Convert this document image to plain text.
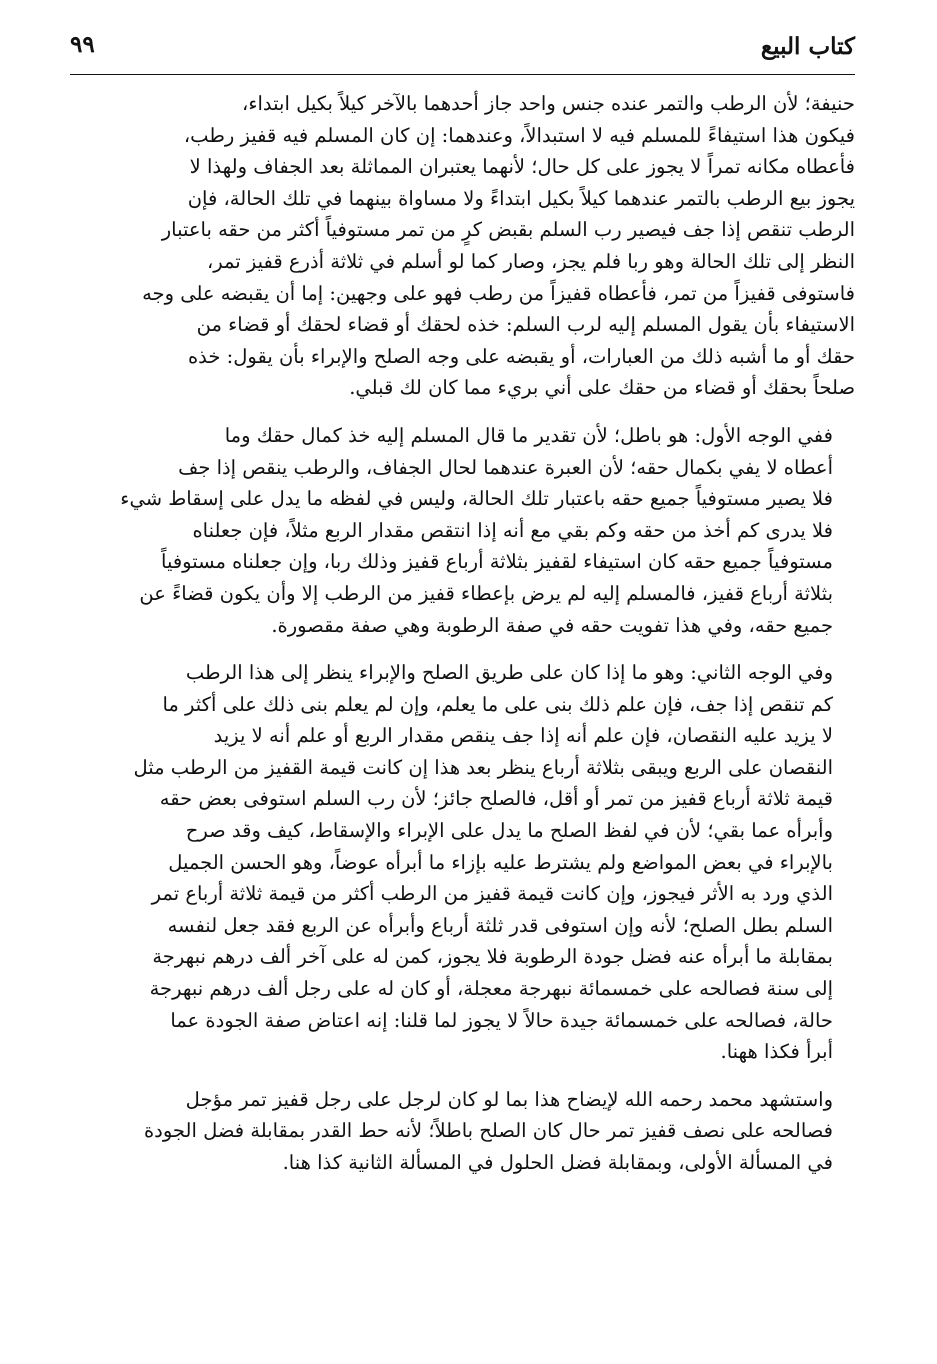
كتاب البيع
٩٩

حنيفة؛ لأن الرطب والتمر عنده جنس واحد جاز أحدهما بالآخر كيلاً بكيل ابتداء،
فيكون هذا استيفاءً للمسلم فيه لا استبدالاً، وعندهما: إن كان المسلم فيه قفيز رطب،
فأعطاه مكانه تمراً لا يجوز على كل حال؛ لأنهما يعتبران المماثلة بعد الجفاف ولهذا لا
يجوز بيع الرطب بالتمر عندهما كيلاً بكيل ابتداءً ولا مساواة بينهما في تلك الحالة، فإن
الرطب تنقص إذا جف فيصير رب السلم بقبض كرٍ من تمر مستوفياً أكثر من حقه باعتبار
النظر إلى تلك الحالة وهو ربا فلم يجز، وصار كما لو أسلم في ثلاثة أذرع قفيز تمر،
فاستوفى قفيزاً من تمر، فأعطاه قفيزاً من رطب فهو على وجهين: إما أن يقبضه على وجه
الاستيفاء بأن يقول المسلم إليه لرب السلم: خذه لحقك أو قضاء لحقك أو قضاء من
حقك أو ما أشبه ذلك من العبارات، أو يقبضه على وجه الصلح والإبراء بأن يقول: خذه
صلحاً بحقك أو قضاء من حقك على أني بريء مما كان لك قبلي.

ففي الوجه الأول: هو باطل؛ لأن تقدير ما قال المسلم إليه خذ كمال حقك وما
أعطاه لا يفي بكمال حقه؛ لأن العبرة عندهما لحال الجفاف، والرطب ينقص إذا جف
فلا يصير مستوفياً جميع حقه باعتبار تلك الحالة، وليس في لفظه ما يدل على إسقاط شيء
فلا يدرى كم أخذ من حقه وكم بقي مع أنه إذا انتقص مقدار الربع مثلاً، فإن جعلناه
مستوفياً جميع حقه كان استيفاء لقفيز بثلاثة أرباع قفيز وذلك ربا، وإن جعلناه مستوفياً
بثلاثة أرباع قفيز، فالمسلم إليه لم يرض بإعطاء قفيز من الرطب إلا وأن يكون قضاءً عن
جميع حقه، وفي هذا تفويت حقه في صفة الرطوبة وهي صفة مقصورة.

وفي الوجه الثاني: وهو ما إذا كان على طريق الصلح والإبراء ينظر إلى هذا الرطب
كم تنقص إذا جف، فإن علم ذلك بنى على ما يعلم، وإن لم يعلم بنى ذلك على أكثر ما
لا يزيد عليه النقصان، فإن علم أنه إذا جف ينقص مقدار الربع أو علم أنه لا يزيد
النقصان على الربع ويبقى بثلاثة أرباع ينظر بعد هذا إن كانت قيمة القفيز من الرطب مثل
قيمة ثلاثة أرباع قفيز من تمر أو أقل، فالصلح جائز؛ لأن رب السلم استوفى بعض حقه
وأبرأه عما بقي؛ لأن في لفظ الصلح ما يدل على الإبراء والإسقاط، كيف وقد صرح
بالإبراء في بعض المواضع ولم يشترط عليه بإزاء ما أبرأه عوضاً، وهو الحسن الجميل
الذي ورد به الأثر فيجوز، وإن كانت قيمة قفيز من الرطب أكثر من قيمة ثلاثة أرباع تمر
السلم بطل الصلح؛ لأنه وإن استوفى قدر ثلثة أرباع وأبرأه عن الربع فقد جعل لنفسه
بمقابلة ما أبرأه عنه فضل جودة الرطوبة فلا يجوز، كمن له على آخر ألف درهم نبهرجة
إلى سنة فصالحه على خمسمائة نبهرجة معجلة، أو كان له على رجل ألف درهم نبهرجة
حالة، فصالحه على خمسمائة جيدة حالاً لا يجوز لما قلنا: إنه اعتاض صفة الجودة عما
أبرأ فكذا ههنا.

واستشهد محمد رحمه الله لإيضاح هذا بما لو كان لرجل على رجل قفيز تمر مؤجل
فصالحه على نصف قفيز تمر حال كان الصلح باطلاً؛ لأنه حط القدر بمقابلة فضل الجودة
في المسألة الأولى، وبمقابلة فضل الحلول في المسألة الثانية كذا هنا.
